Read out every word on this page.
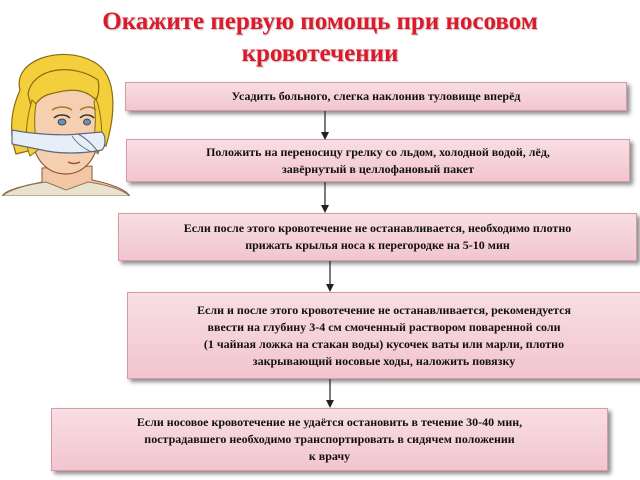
Окажите первую помощь при носовом
кровотечении
Усадить больного, слегка наклонив туловище вперёд
Положить на переносицу грелку со льдом, холодной водой, лёд,
завёрнутый в целлофановый пакет
Если после этого кровотечение не останавливается, необходимо плотно
прижать крылья носа к перегородке на 5-10 мин
Если и после этого кровотечение не останавливается, рекомендуется
ввести на глубину 3-4 см смоченный раствором поваренной соли
(1 чайная ложка на стакан воды) кусочек ваты или марли, плотно
закрывающий носовые ходы, наложить повязку
Если носовое кровотечение не удаётся остановить в течение 30-40 мин,
пострадавшего необходимо транспортировать в сидячем положении
к врачу
